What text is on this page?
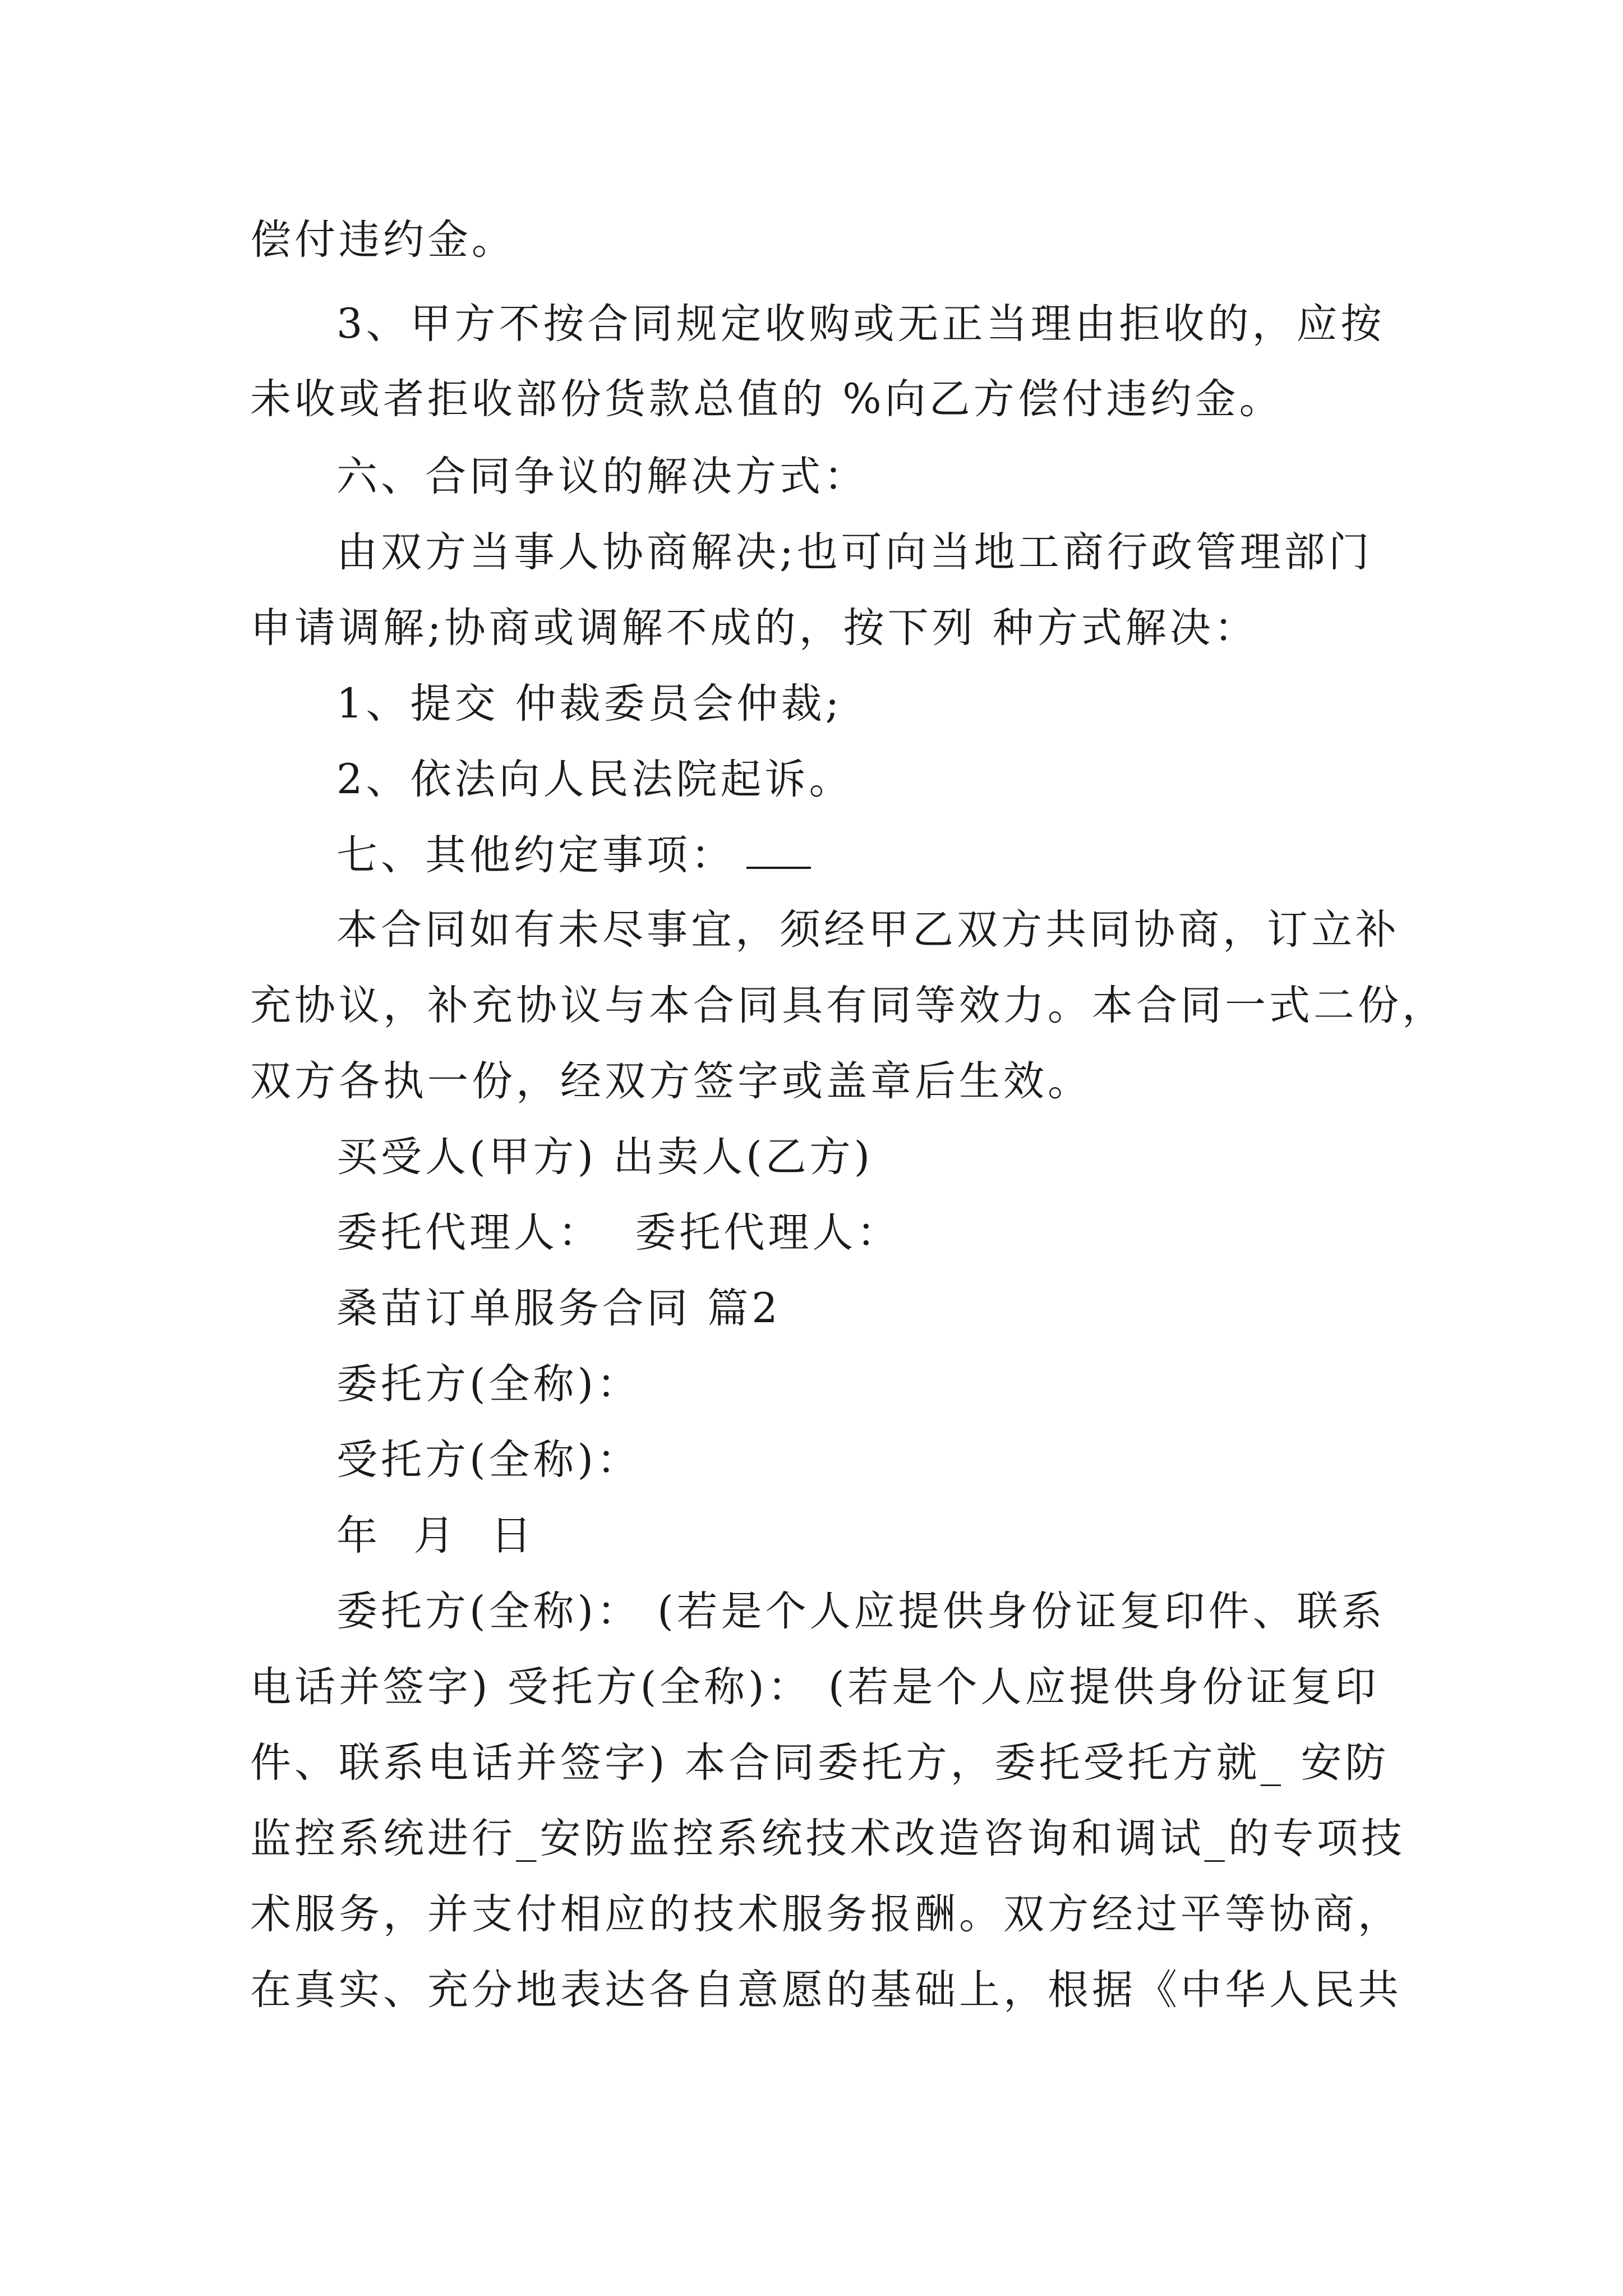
偿付违约金。
3、甲方不按合同规定收购或无正当理由拒收的，应按
未收或者拒收部份货款总值的 %向乙方偿付违约金。
六、合同争议的解决方式：
由双方当事人协商解决;也可向当地工商行政管理部门
申请调解;协商或调解不成的，按下列 种方式解决：
1、提交 仲裁委员会仲裁;
2、依法向人民法院起诉。
七、其他约定事项：
本合同如有未尽事宜，须经甲乙双方共同协商，订立补
充协议，补充协议与本合同具有同等效力。本合同一式二份，
双方各执一份，经双方签字或盖章后生效。
买受人(甲方) 出卖人(乙方)
委托代理人：  委托代理人：
桑苗订单服务合同 篇2
委托方(全称)：
受托方(全称)：
年  月  日
委托方(全称)： (若是个人应提供身份证复印件、联系
电话并签字) 受托方(全称)： (若是个人应提供身份证复印
件、联系电话并签字) 本合同委托方，委托受托方就_ 安防
监控系统进行_安防监控系统技术改造咨询和调试_的专项技
术服务，并支付相应的技术服务报酬。双方经过平等协商，
在真实、充分地表达各自意愿的基础上，根据《中华人民共
